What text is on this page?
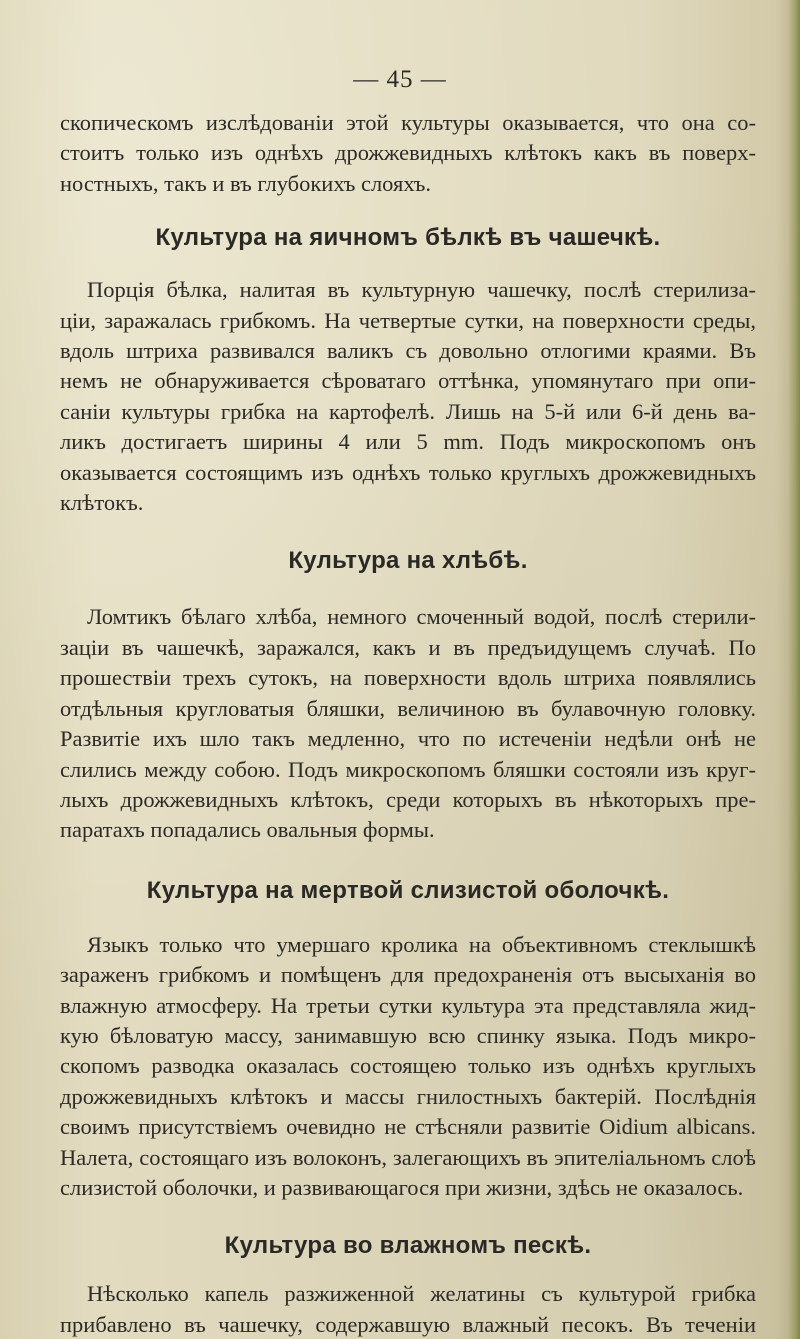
— 45 —

скопическомъ изслѣдованіи этой культуры оказывается, что она со-
стоитъ только изъ однѣхъ дрожжевидныхъ клѣтокъ какъ въ поверх-
ностныхъ, такъ и въ глубокихъ слояхъ.

Культура на яичномъ бѣлкѣ въ чашечкѣ.

Порція бѣлка, налитая въ культурную чашечку, послѣ стерилиза-
ціи, заражалась грибкомъ. На четвертые сутки, на поверхности среды,
вдоль штриха развивался валикъ съ довольно отлогими краями. Въ
немъ не обнаруживается сѣроватаго оттѣнка, упомянутаго при опи-
саніи культуры грибка на картофелѣ. Лишь на 5-й или 6-й день ва-
ликъ достигаетъ ширины 4 или 5 mm. Подъ микроскопомъ онъ
оказывается состоящимъ изъ однѣхъ только круглыхъ дрожжевидныхъ
клѣтокъ.

Культура на хлѣбѣ.

Ломтикъ бѣлаго хлѣба, немного смоченный водой, послѣ стерили-
заціи въ чашечкѣ, заражался, какъ и въ предъидущемъ случаѣ. По
прошествіи трехъ сутокъ, на поверхности вдоль штриха появлялись
отдѣльныя кругловатыя бляшки, величиною въ булавочную головку.
Развитіе ихъ шло такъ медленно, что по истеченіи недѣли онѣ не
слились между собою. Подъ микроскопомъ бляшки состояли изъ круг-
лыхъ дрожжевидныхъ клѣтокъ, среди которыхъ въ нѣкоторыхъ пре-
паратахъ попадались овальныя формы.

Культура на мертвой слизистой оболочкѣ.

Языкъ только что умершаго кролика на объективномъ стеклышкѣ
зараженъ грибкомъ и помѣщенъ для предохраненія отъ высыханія во
влажную атмосферу. На третьи сутки культура эта представляла жид-
кую бѣловатую массу, занимавшую всю спинку языка. Подъ микро-
скопомъ разводка оказалась состоящею только изъ однѣхъ круглыхъ
дрожжевидныхъ клѣтокъ и массы гнилостныхъ бактерій. Послѣднія
своимъ присутствіемъ очевидно не стѣсняли развитіе Oidium albicans.
Налета, состоящаго изъ волоконъ, залегающихъ въ эпителіальномъ слоѣ
слизистой оболочки, и развивающагося при жизни, здѣсь не оказалось.

Культура во влажномъ пескѣ.

Нѣсколько капель разжиженной желатины съ культурой грибка
прибавлено въ чашечку, содержавшую влажный песокъ. Въ теченіи
